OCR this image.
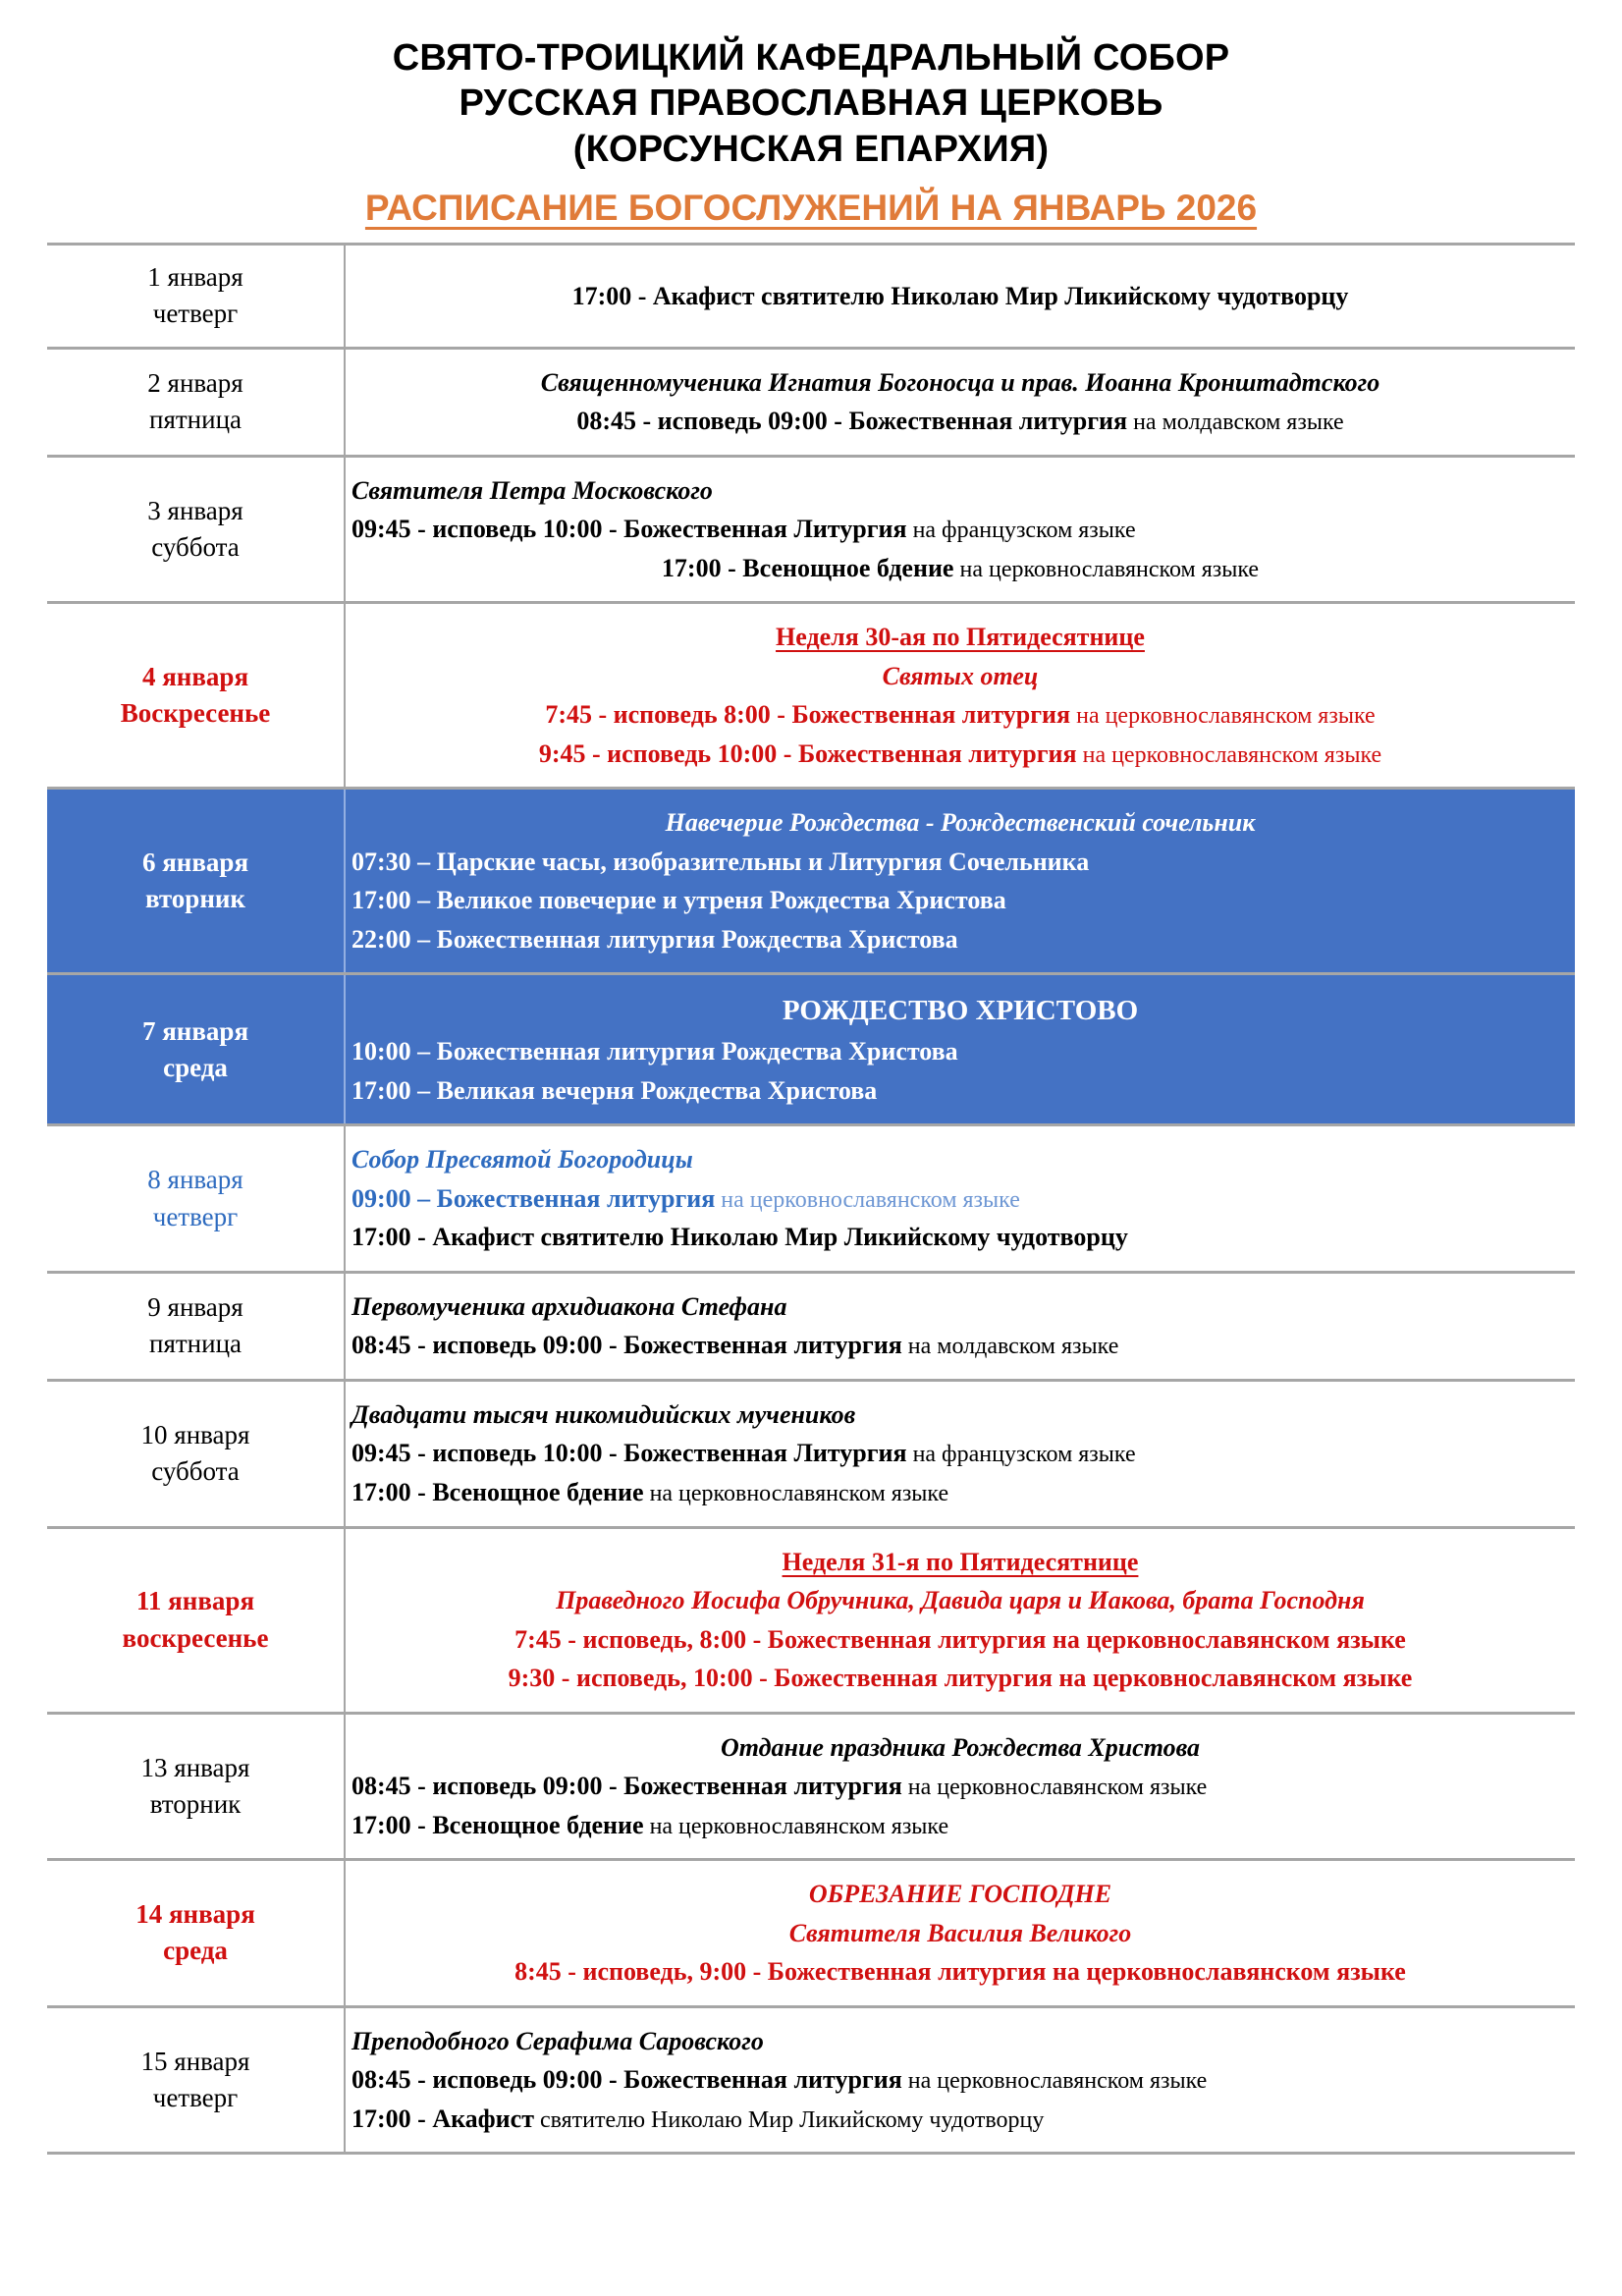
СВЯТО-ТРОИЦКИЙ КАФЕДРАЛЬНЫЙ СОБОР
РУССКАЯ ПРАВОСЛАВНАЯ ЦЕРКОВЬ
(КОРСУНСКАЯ ЕПАРХИЯ)
РАСПИСАНИЕ БОГОСЛУЖЕНИЙ НА ЯНВАРЬ 2026
1 января
четверг	17:00 - Акафист святителю Николаю Мир Ликийскому чудотворцу

2 января
пятница

Священномученика Игнатия Богоносца и прав. Иоанна Кронштадтского
08:45 - исповедь 09:00 - Божественная литургия на молдавском языке

3 января
суббота

Святителя Петра Московского
09:45 - исповедь 10:00 - Божественная Литургия на французском языке
17:00 - Всенощное бдение на церковнославянском языке

4 января
Воскресенье

Неделя 30-ая по Пятидесятнице
Святых отец
7:45 - исповедь 8:00 - Божественная литургия на церковнославянском языке
9:45 - исповедь 10:00 - Божественная литургия на церковнославянском языке

6 января
вторник

Навечерие Рождества - Рождественский сочельник
07:30 – Царские часы, изобразительны и Литургия Сочельника
17:00 – Великое повечерие и утреня Рождества Христова
22:00 – Божественная литургия Рождества Христова

7 января
среда

РОЖДЕСТВО ХРИСТОВО
10:00 – Божественная литургия Рождества Христова
17:00 – Великая вечерня Рождества Христова

8 января
четверг

Собор Пресвятой Богородицы
09:00 – Божественная литургия на церковнославянском языке
17:00 - Акафист святителю Николаю Мир Ликийскому чудотворцу

9 января
пятница

Первомученика архидиакона Стефана
08:45 - исповедь 09:00 - Божественная литургия на молдавском языке

10 января
суббота

Двадцати тысяч никомидийских мучеников
09:45 - исповедь 10:00 - Божественная Литургия на французском языке
17:00 - Всенощное бдение на церковнославянском языке

11 января
воскресенье

Неделя 31-я по Пятидесятнице
Праведного Иосифа Обручника, Давида царя и Иакова, брата Господня
7:45 - исповедь, 8:00 - Божественная литургия на церковнославянском языке
9:30 - исповедь, 10:00 - Божественная литургия на церковнославянском языке

13 января
вторник

Отдание праздника Рождества Христова
08:45 - исповедь 09:00 - Божественная литургия на церковнославянском языке
17:00 - Всенощное бдение на церковнославянском языке

14 января
среда

ОБРЕЗАНИЕ ГОСПОДНЕ
Святителя Василия Великого
8:45 - исповедь, 9:00 - Божественная литургия на церковнославянском языке

15 января
четверг

Преподобного Серафима Саровского
08:45 - исповедь 09:00 - Божественная литургия на церковнославянском языке
17:00 - Акафист святителю Николаю Мир Ликийскому чудотворцу
